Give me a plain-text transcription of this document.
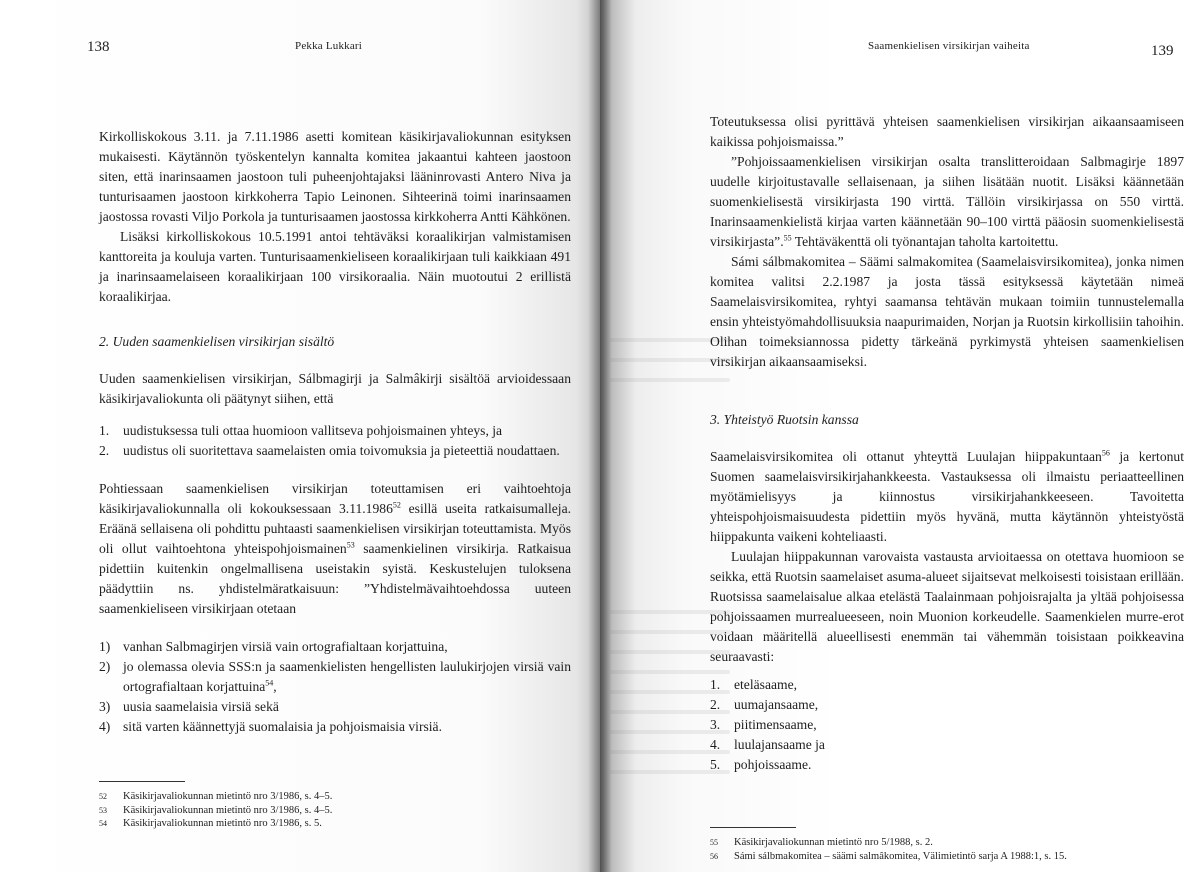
138	Pekka Lukkari

Kirkolliskokous 3.11. ja 7.11.1986 asetti komitean käsikirjavaliokunnan esityksen mukaisesti. Käytännön työskentelyn kannalta komitea jakaantui kahteen jaostoon siten, että inarinsaamen jaostoon tuli puheenjohtajaksi lääninrovasti Antero Niva ja tunturisaamen jaostoon kirkkoherra Tapio Leinonen. Sihteerinä toimi inarinsaamen jaostossa rovasti Viljo Porkola ja tunturisaamen jaostossa kirkkoherra Antti Kähkönen.

Lisäksi kirkolliskokous 10.5.1991 antoi tehtäväksi koraalikirjan valmistamisen kanttoreita ja kouluja varten. Tunturisaamenkieliseen koraalikirjaan tuli kaikkiaan 491 ja inarinsaamelaiseen koraalikirjaan 100 virsikoraalia. Näin muotoutui 2 erillistä koraalikirjaa.

2. Uuden saamenkielisen virsikirjan sisältö

Uuden saamenkielisen virsikirjan, Sálbmagirji ja Salmâkirji sisältöä arvioidessaan käsikirjavaliokunta oli päätynyt siihen, että

1.	uudistuksessa tuli ottaa huomioon vallitseva pohjoismainen yhteys, ja
2.	uudistus oli suoritettava saamelaisten omia toivomuksia ja pieteettiä noudattaen.

Pohtiessaan saamenkielisen virsikirjan toteuttamisen eri vaihtoehtoja käsikirjavaliokunnalla oli kokouksessaan 3.11.1986$^{52}$ esillä useita ratkaisumalleja. Eräänä sellaisena oli pohdittu puhtaasti saamenkielisen virsikirjan toteuttamista. Myös oli ollut vaihtoehtona yhteispohjoismainen$^{53}$ saamenkielinen virsikirja. Ratkaisua pidettiin kuitenkin ongelmallisena useistakin syistä. Keskustelujen tuloksena päädyttiin ns. yhdistelmäratkaisuun: ”Yhdistelmävaihtoehdossa uuteen saamenkieliseen virsikirjaan otetaan

1) vanhan Salbmagirjen virsiä vain ortografialtaan korjattuina,
2) jo olemassa olevia SSS:n ja saamenkielisten hengellisten laulukirjojen virsiä vain ortografialtaan korjattuina$^{54}$,
3) uusia saamelaisia virsiä sekä
4) sitä varten käännettyjä suomalaisia ja pohjoismaisia virsiä.
52	Käsikirjavaliokunnan mietintö nro 3/1986, s. 4–5.
53	Käsikirjavaliokunnan mietintö nro 3/1986, s. 4–5.
54	Käsikirjavaliokunnan mietintö nro 3/1986, s. 5.
Saamenkielisen virsikirjan vaiheita	139

Toteutuksessa olisi pyrittävä yhteisen saamenkielisen virsikirjan aikaansaamiseen kaikissa pohjoismaissa.”

”Pohjoissaamenkielisen virsikirjan osalta translitteroidaan Salbmagirje 1897 uudelle kirjoitustavalle sellaisenaan, ja siihen lisätään nuotit. Lisäksi käännetään suomenkielisestä virsikirjasta 190 virttä. Tällöin virsikirjassa on 550 virttä. Inarinsaamenkielistä kirjaa varten käännetään 90–100 virttä pääosin suomenkielisestä virsikirjasta”.$^{55}$ Tehtäväkenttä oli työnantajan taholta kartoitettu.

Sámi sálbmakomitea – Säämi salmakomitea (Saamelaisvirsikomitea), jonka nimen komitea valitsi 2.2.1987 ja josta tässä esityksessä käytetään nimeä Saamelaisvirsikomitea, ryhtyi saamansa tehtävän mukaan toimiin tunnustelemalla ensin yhteistyömahdollisuuksia naapurimaiden, Norjan ja Ruotsin kirkollisiin tahoihin. Olihan toimeksiannossa pidetty tärkeänä pyrkimystä yhteisen saamenkielisen virsikirjan aikaansaamiseksi.

3. Yhteistyö Ruotsin kanssa

Saamelaisvirsikomitea oli ottanut yhteyttä Luulajan hiippakuntaan$^{56}$ ja kertonut Suomen saamelaisvirsikirjahankkeesta. Vastauksessa oli ilmaistu periaatteellinen myötämielisyys ja kiinnostus virsikirjahankkeeseen. Tavoitetta yhteispohjoismaisuudesta pidettiin myös hyvänä, mutta käytännön yhteistyöstä hiippakunta vaikeni kohteliaasti.

Luulajan hiippakunnan varovaista vastausta arvioitaessa on otettava huomioon se seikka, että Ruotsin saamelaiset asuma-alueet sijaitsevat melkoisesti toisistaan erillään. Ruotsissa saamelaisalue alkaa etelästä Taalainmaan pohjoisrajalta ja yltää pohjoisessa pohjoissaamen murrealueeseen, noin Muonion korkeudelle. Saamenkielen murre-erot voidaan määritellä alueellisesti enemmän tai vähemmän toisistaan poikkeavina seuraavasti:

1.	eteläsaame,
2.	uumajansaame,
3.	piitimensaame,
4.	luulajansaame ja
5.	pohjoissaame.
55	Käsikirjavaliokunnan mietintö nro 5/1988, s. 2.
56	Sámi sálbmakomitea – säämi salmâkomitea, Välimietintö sarja A 1988:1, s. 15.
